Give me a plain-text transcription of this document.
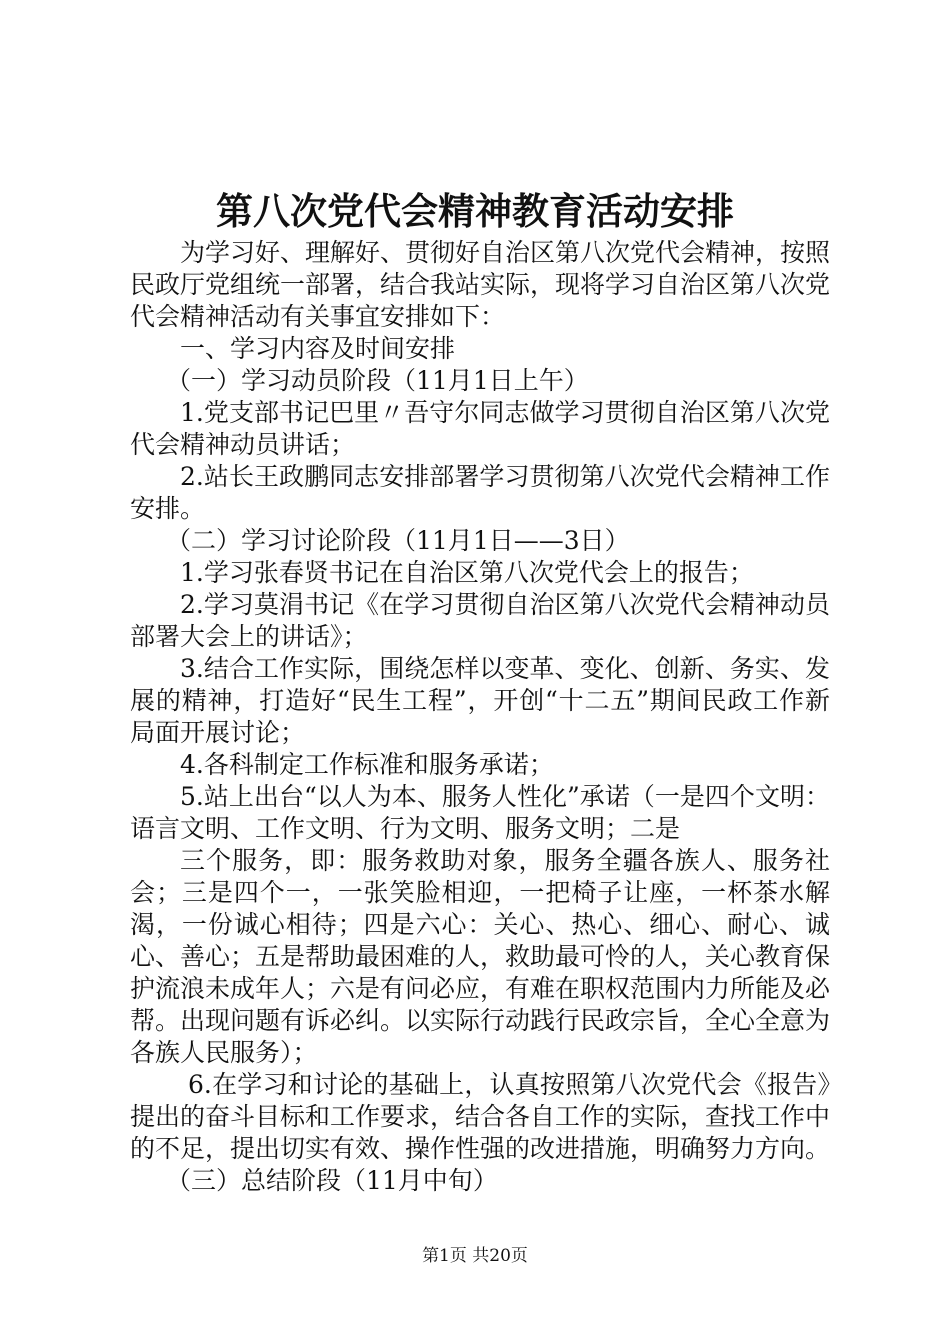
第八次党代会精神教育活动安排

为学习好、理解好、贯彻好自治区第八次党代会精神，按照民政厅党组统一部署，结合我站实际，现将学习自治区第八次党代会精神活动有关事宜安排如下：

一、学习内容及时间安排

（一）学习动员阶段（11月1日上午）

1.党支部书记巴里〃吾守尔同志做学习贯彻自治区第八次党代会精神动员讲话；

2.站长王政鹏同志安排部署学习贯彻第八次党代会精神工作安排。

（二）学习讨论阶段（11月1日——3日）

1.学习张春贤书记在自治区第八次党代会上的报告；

2.学习莫涓书记《在学习贯彻自治区第八次党代会精神动员部署大会上的讲话》；

3.结合工作实际，围绕怎样以变革、变化、创新、务实、发展的精神，打造好“民生工程”，开创“十二五”期间民政工作新局面开展讨论；

4.各科制定工作标准和服务承诺；

5.站上出台“以人为本、服务人性化”承诺（一是四个文明：语言文明、工作文明、行为文明、服务文明；二是

三个服务，即：服务救助对象，服务全疆各族人、服务社会；三是四个一，一张笑脸相迎，一把椅子让座，一杯茶水解渴，一份诚心相待；四是六心：关心、热心、细心、耐心、诚心、善心；五是帮助最困难的人，救助最可怜的人，关心教育保护流浪未成年人；六是有问必应，有难在职权范围内力所能及必帮。出现问题有诉必纠。以实际行动践行民政宗旨，全心全意为各族人民服务）；

6.在学习和讨论的基础上，认真按照第八次党代会《报告》提出的奋斗目标和工作要求，结合各自工作的实际，查找工作中的不足，提出切实有效、操作性强的改进措施，明确努力方向。

（三）总结阶段（11月中旬）

第1页 共20页
